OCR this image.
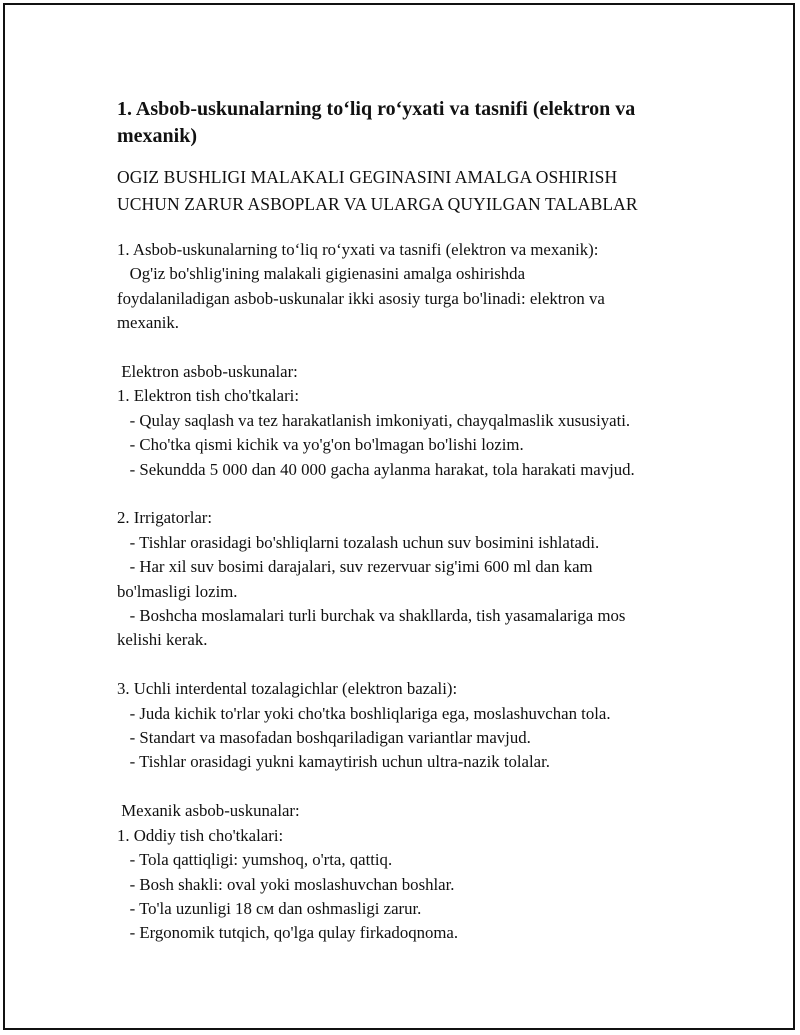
1. Asbob-uskunalarning to‘liq ro‘yxati va tasnifi (elektron va mexanik)
OGIZ BUSHLIGI MALAKALI GEGINASINI AMALGA OSHIRISH
UCHUN ZARUR ASBOPLAR VA ULARGA QUYILGAN TALABLAR
1. Asbob-uskunalarning to‘liq ro‘yxati va tasnifi (elektron va mexanik):
Og'iz bo'shlig'ining malakali gigienasini amalga oshirishda
foydalaniladigan asbob-uskunalar ikki asosiy turga bo'linadi: elektron va
mexanik.
Elektron asbob-uskunalar:
1. Elektron tish cho'tkalari:
- Qulay saqlash va tez harakatlanish imkoniyati, chayqalmaslik xususiyati.
- Cho'tka qismi kichik va yo'g'on bo'lmagan bo'lishi lozim.
- Sekundda 5 000 dan 40 000 gacha aylanma harakat, tola harakati mavjud.
2. Irrigatorlar:
- Tishlar orasidagi bo'shliqlarni tozalash uchun suv bosimini ishlatadi.
- Har xil suv bosimi darajalari, suv rezervuar sig'imi 600 ml dan kam
bo'lmasligi lozim.
- Boshcha moslamalari turli burchak va shakllarda, tish yasamalariga mos
kelishi kerak.
3. Uchli interdental tozalagichlar (elektron bazali):
- Juda kichik to'rlar yoki cho'tka boshliqlariga ega, moslashuvchan tola.
- Standart va masofadan boshqariladigan variantlar mavjud.
- Tishlar orasidagi yukni kamaytirish uchun ultra-nazik tolalar.
Mexanik asbob-uskunalar:
1. Oddiy tish cho'tkalari:
- Tola qattiqligi: yumshoq, o'rta, qattiq.
- Bosh shakli: oval yoki moslashuvchan boshlar.
- To'la uzunligi 18 см dan oshmasligi zarur.
- Ergonomik tutqich, qo'lga qulay firkadoqnoma.
